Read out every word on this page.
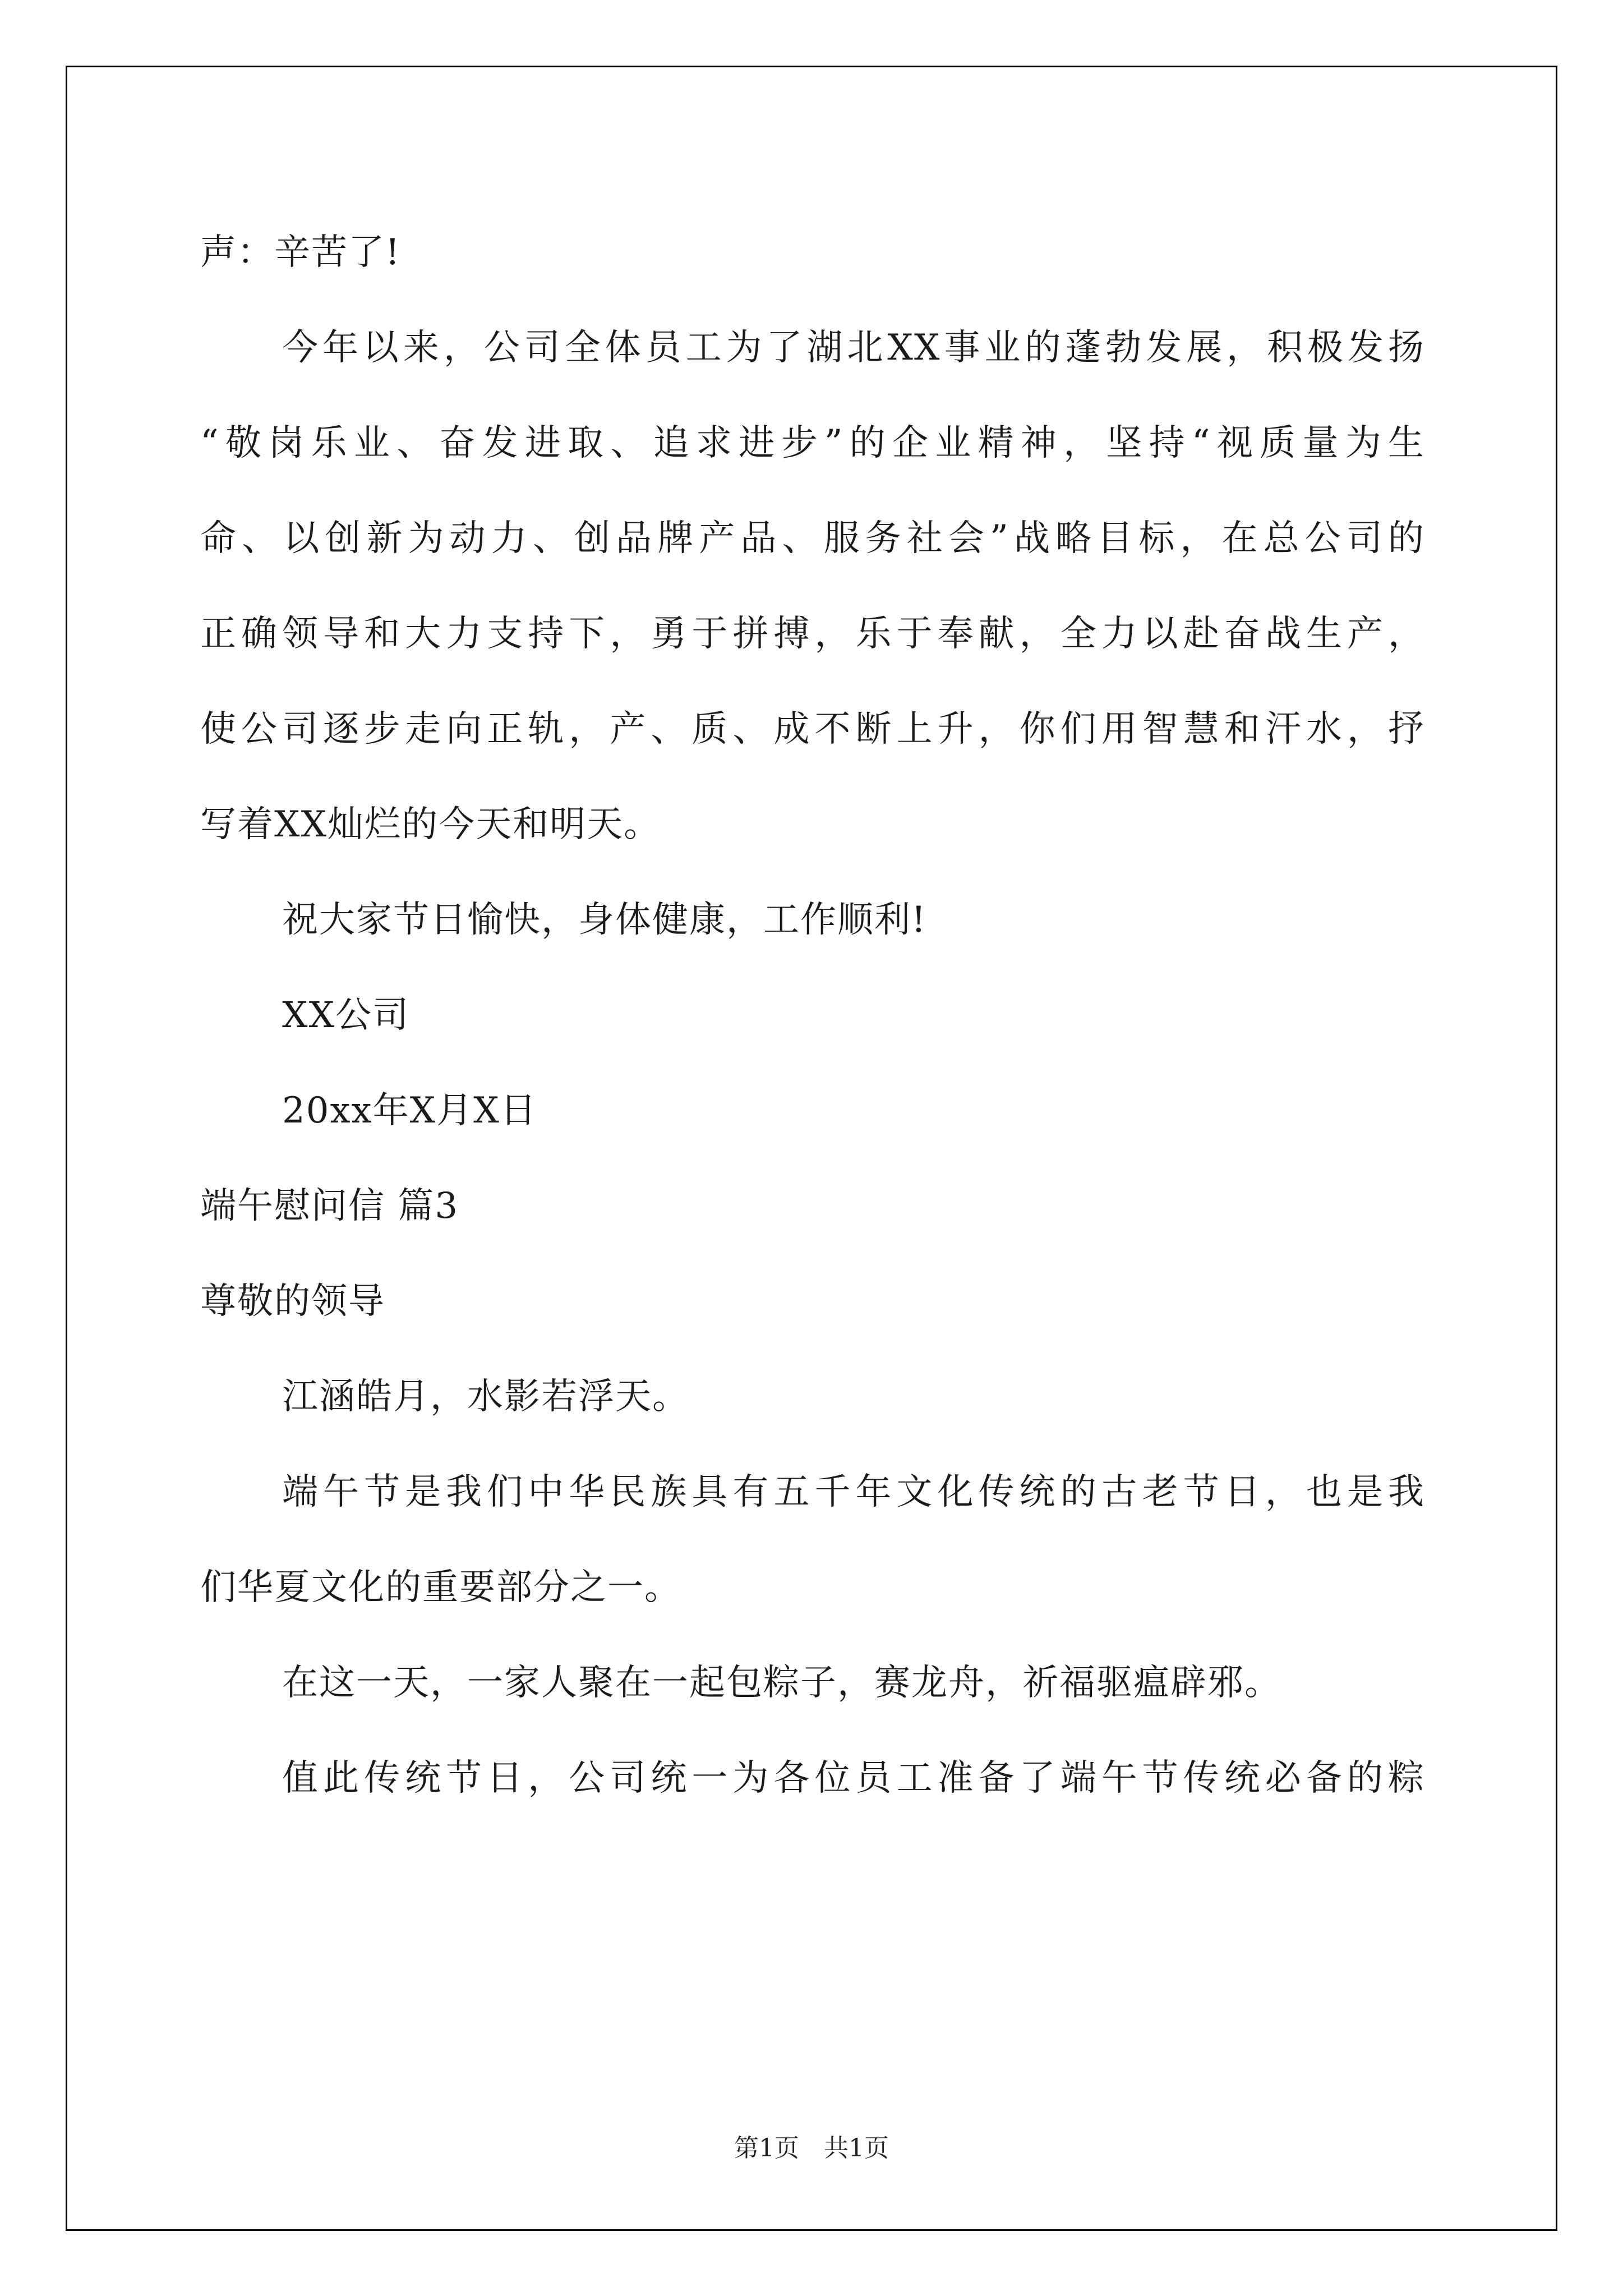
声：辛苦了!
今年以来，公司全体员工为了湖北XX事业的蓬勃发展，积极发扬
“敬岗乐业、奋发进取、追求进步”的企业精神，坚持“视质量为生
命、以创新为动力、创品牌产品、服务社会”战略目标，在总公司的
正确领导和大力支持下，勇于拼搏，乐于奉献，全力以赴奋战生产，
使公司逐步走向正轨，产、质、成不断上升，你们用智慧和汗水，抒
写着XX灿烂的今天和明天。
祝大家节日愉快，身体健康，工作顺利!
XX公司
20xx年X月X日
端午慰问信 篇3
尊敬的领导
江涵皓月，水影若浮天。
端午节是我们中华民族具有五千年文化传统的古老节日，也是我
们华夏文化的重要部分之一。
在这一天，一家人聚在一起包粽子，赛龙舟，祈福驱瘟辟邪。
值此传统节日，公司统一为各位员工准备了端午节传统必备的粽
第1页　共1页
